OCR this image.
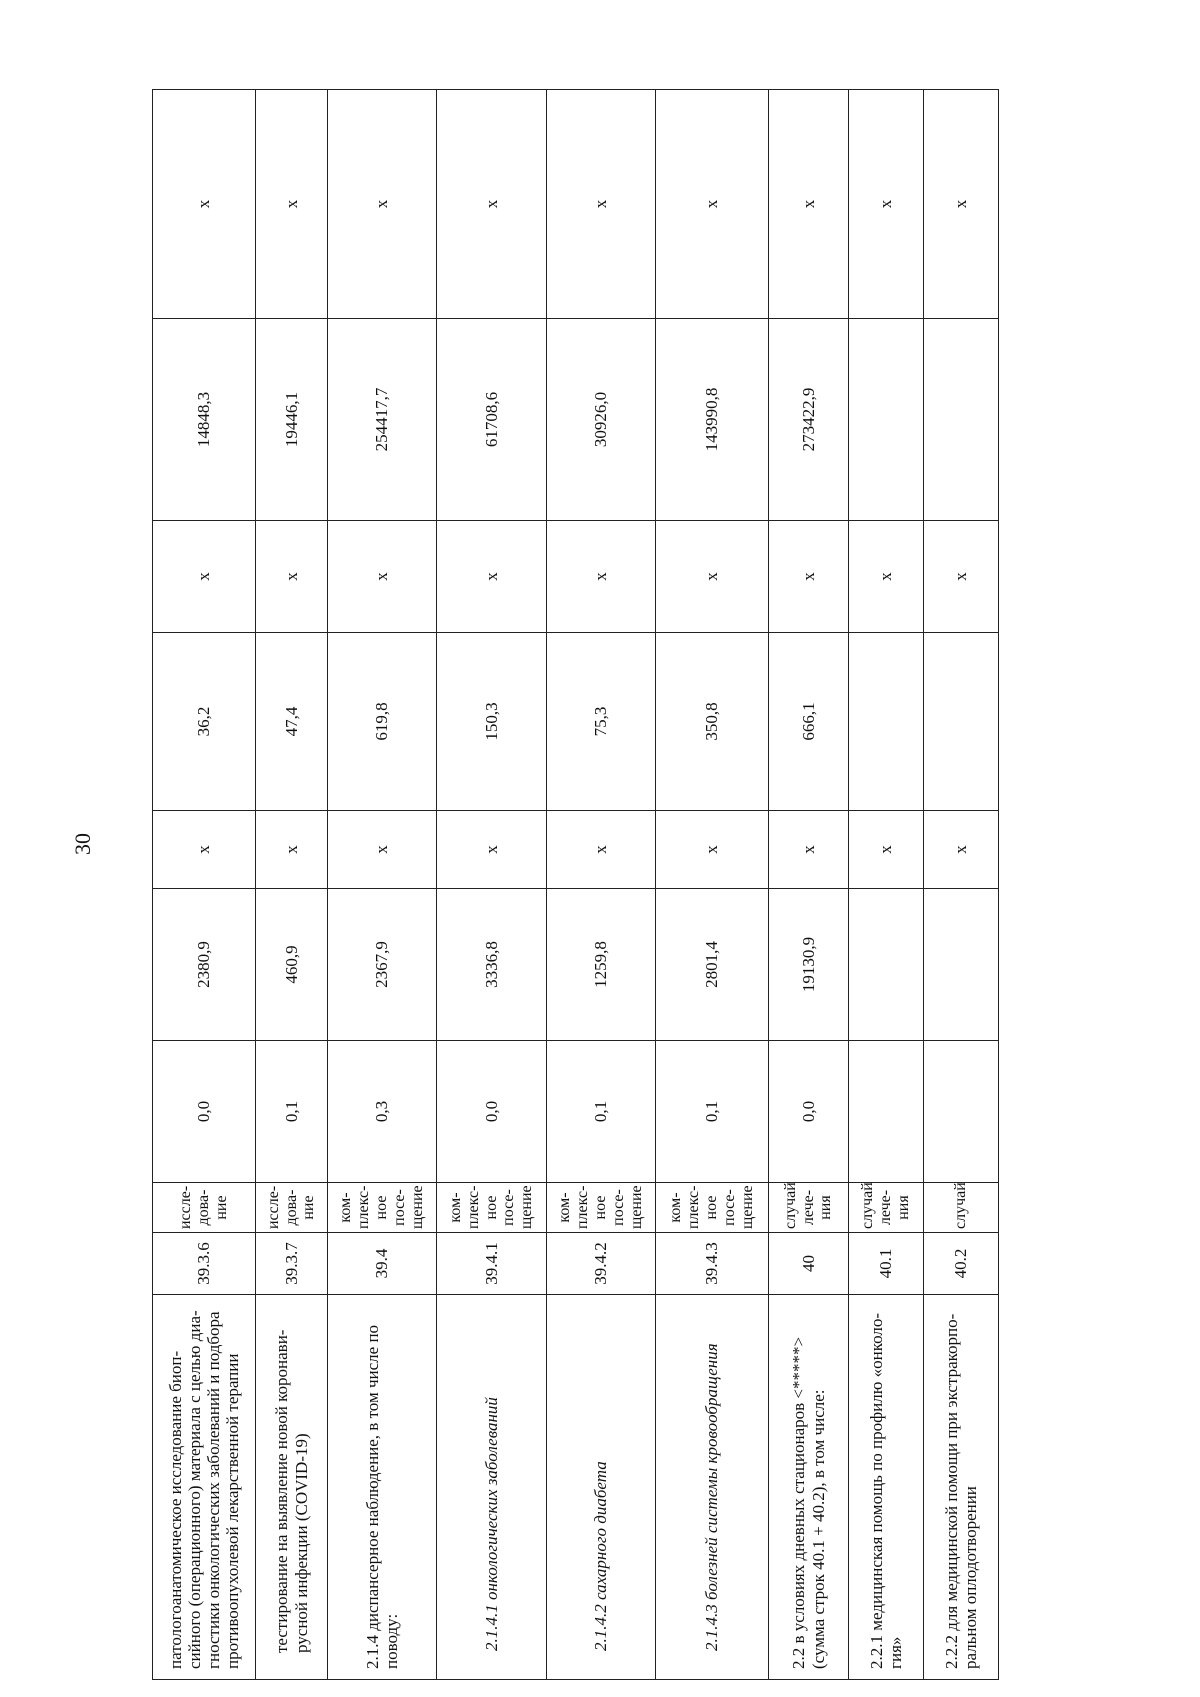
30
патологоанатомическое исследование биоп-сийного (операционного) материала с целью диа-гностики онкологических заболеваний и подбора противоопухолевой лекарственной терапии	39.3.6	иссле-дова-ние	0,0	2380,9	х	36,2	х	14848,3	х
тестирование на выявление новой коронави-русной инфекции (COVID-19)	39.3.7	иссле-дова-ние	0,1	460,9	х	47,4	х	19446,1	х
2.1.4 диспансерное наблюдение, в том числе по поводу:	39.4	ком-плекс-ное посе-щение	0,3	2367,9	х	619,8	х	254417,7	х
2.1.4.1 онкологических заболеваний	39.4.1	ком-плекс-ное посе-щение	0,0	3336,8	х	150,3	х	61708,6	х
2.1.4.2 сахарного диабета	39.4.2	ком-плекс-ное посе-щение	0,1	1259,8	х	75,3	х	30926,0	х
2.1.4.3 болезней системы кровообращения	39.4.3	ком-плекс-ное посе-щение	0,1	2801,4	х	350,8	х	143990,8	х
2.2 в условиях дневных стационаров <*****> (сумма строк 40.1 + 40.2), в том числе:	40	случай лече-ния	0,0	19130,9	х	666,1	х	273422,9	х
2.2.1 медицинская помощь по профилю «онколо-гия»	40.1	случай лече-ния			х		х		х
2.2.2 для медицинской помощи при экстракорпо-ральном оплодотворении	40.2	случай			х		х		х
